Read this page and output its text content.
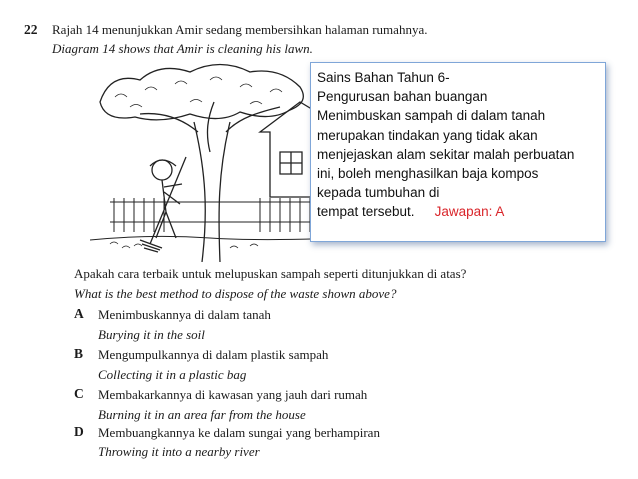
22 Rajah 14 menunjukkan Amir sedang membersihkan halaman rumahnya.
Diagram 14 shows that Amir is cleaning his lawn.
Sains Bahan Tahun 6-
Pengurusan bahan buangan
Menimbuskan sampah di dalam tanah
merupakan tindakan yang tidak akan
menjejaskan alam sekitar malah perbuatan
ini, boleh menghasilkan baja kompos
kepada tumbuhan di
tempat tersebut. Jawapan: A
Apakah cara terbaik untuk melupuskan sampah seperti ditunjukkan di atas?
What is the best method to dispose of the waste shown above?
A Menimbuskannya di dalam tanah
Burying it in the soil
B Mengumpulkannya di dalam plastik sampah
Collecting it in a plastic bag
C Membakarkannya di kawasan yang jauh dari rumah
Burning it in an area far from the house
D Membuangkannya ke dalam sungai yang berhampiran
Throwing it into a nearby river
